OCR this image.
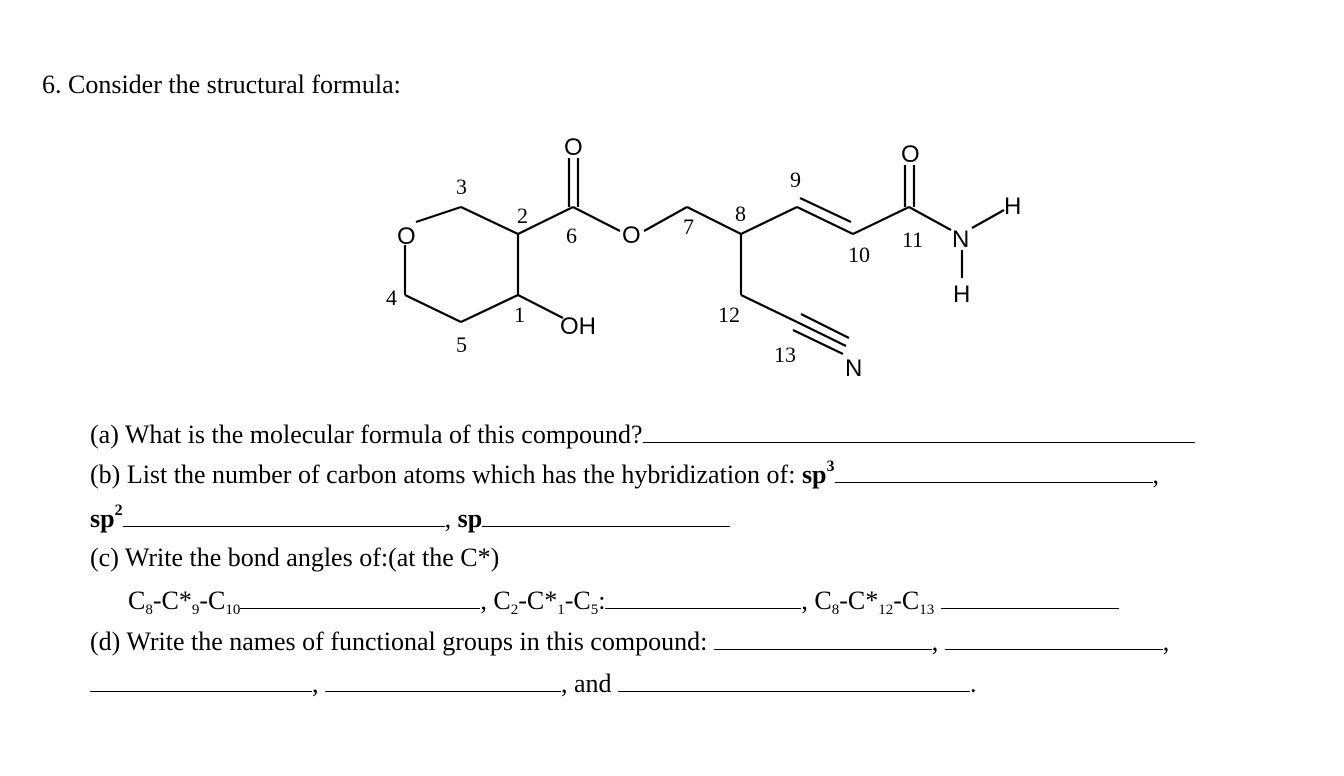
6. Consider the structural formula:
O
O
O
OH
O
N
H
H
N
1
2
3
4
5
6	7
8
9
10
11
12
13
(a) What is the molecular formula of this compound?
(b) List the number of carbon atoms which has the hybridization of: $sp^3$	,
$sp^2$	, sp
(c) Write the bond angles of:(at the C*)
$C_8-C*_9-C_{10}$	, $C_2-C*_1-C_5$:	, $C_8-C*_{12}-C_{13}$
(d) Write the names of functional groups in this compound:	,	,
,	, and	.
